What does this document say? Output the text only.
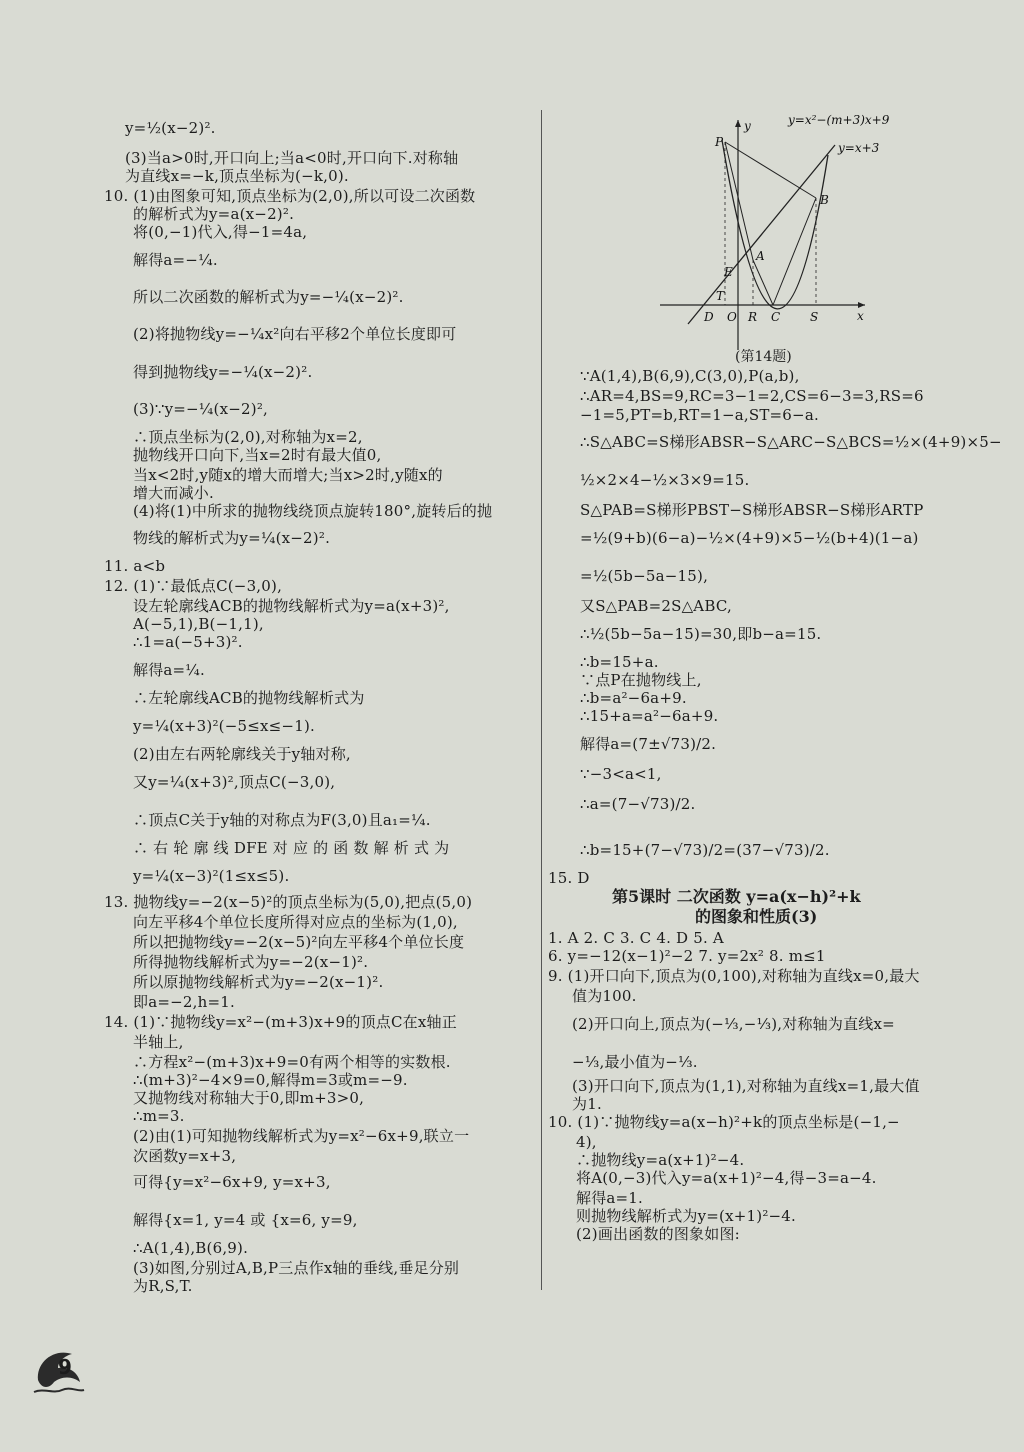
y=½(x−2)².
(3)当a>0时,开口向上;当a<0时,开口向下.对称轴
为直线x=−k,顶点坐标为(−k,0).
10. (1)由图象可知,顶点坐标为(2,0),所以可设二次函数
的解析式为y=a(x−2)².
将(0,−1)代入,得−1=4a,
解得a=−¼.
所以二次函数的解析式为y=−¼(x−2)².
(2)将抛物线y=−¼x²向右平移2个单位长度即可
得到抛物线y=−¼(x−2)².
(3)∵y=−¼(x−2)²,
∴顶点坐标为(2,0),对称轴为x=2,
抛物线开口向下,当x=2时有最大值0,
当x<2时,y随x的增大而增大;当x>2时,y随x的
增大而减小.
(4)将(1)中所求的抛物线绕顶点旋转180°,旋转后的抛
物线的解析式为y=¼(x−2)².
11. a<b
12. (1)∵最低点C(−3,0),
设左轮廓线ACB的抛物线解析式为y=a(x+3)²,
A(−5,1),B(−1,1),
∴1=a(−5+3)².
解得a=¼.
∴左轮廓线ACB的抛物线解析式为
y=¼(x+3)²(−5≤x≤−1).
(2)由左右两轮廓线关于y轴对称,
又y=¼(x+3)²,顶点C(−3,0),
∴顶点C关于y轴的对称点为F(3,0)且a₁=¼.
∴ 右 轮 廓 线 DFE 对 应 的 函 数 解 析 式 为
y=¼(x−3)²(1≤x≤5).
13. 抛物线y=−2(x−5)²的顶点坐标为(5,0),把点(5,0)
向左平移4个单位长度所得对应点的坐标为(1,0),
所以把抛物线y=−2(x−5)²向左平移4个单位长度
所得抛物线解析式为y=−2(x−1)².
所以原抛物线解析式为y=−2(x−1)².
即a=−2,h=1.
14. (1)∵抛物线y=x²−(m+3)x+9的顶点C在x轴正
半轴上,
∴方程x²−(m+3)x+9=0有两个相等的实数根.
∴(m+3)²−4×9=0,解得m=3或m=−9.
又抛物线对称轴大于0,即m+3>0,
∴m=3.
(2)由(1)可知抛物线解析式为y=x²−6x+9,联立一
次函数y=x+3,
可得{y=x²−6x+9, y=x+3,
解得{x=1, y=4 或 {x=6, y=9,
∴A(1,4),B(6,9).
(3)如图,分别过A,B,P三点作x轴的垂线,垂足分别
为R,S,T.
∵A(1,4),B(6,9),C(3,0),P(a,b),
∴AR=4,BS=9,RC=3−1=2,CS=6−3=3,RS=6
−1=5,PT=b,RT=1−a,ST=6−a.
∴S△ABC=S梯形ABSR−S△ARC−S△BCS=½×(4+9)×5−
½×2×4−½×3×9=15.
S△PAB=S梯形PBST−S梯形ABSR−S梯形ARTP
=½(9+b)(6−a)−½×(4+9)×5−½(b+4)(1−a)
=½(5b−5a−15),
又S△PAB=2S△ABC,
∴½(5b−5a−15)=30,即b−a=15.
∴b=15+a.
∵点P在抛物线上,
∴b=a²−6a+9.
∴15+a=a²−6a+9.
解得a=(7±√73)/2.
∵−3<a<1,
∴a=(7−√73)/2.
∴b=15+(7−√73)/2=(37−√73)/2.
15. D
1. A 2. C 3. C 4. D 5. A
6. y=−12(x−1)²−2 7. y=2x² 8. m≤1
9. (1)开口向下,顶点为(0,100),对称轴为直线x=0,最大
值为100.
(2)开口向上,顶点为(−⅓,−⅓),对称轴为直线x=
−⅓,最小值为−⅓.
(3)开口向下,顶点为(1,1),对称轴为直线x=1,最大值
为1.
10. (1)∵抛物线y=a(x−h)²+k的顶点坐标是(−1,−
4),
∴抛物线y=a(x+1)²−4.
将A(0,−3)代入y=a(x+1)²−4,得−3=a−4.
解得a=1.
则抛物线解析式为y=(x+1)²−4.
(2)画出函数的图象如图:
y=x²−(m+3)x+9
y=x+3
P
B
A
E
T
D O R C S	x
y
(第14题)
第5课时 二次函数 y=a(x−h)²+k
的图象和性质(3)
9
